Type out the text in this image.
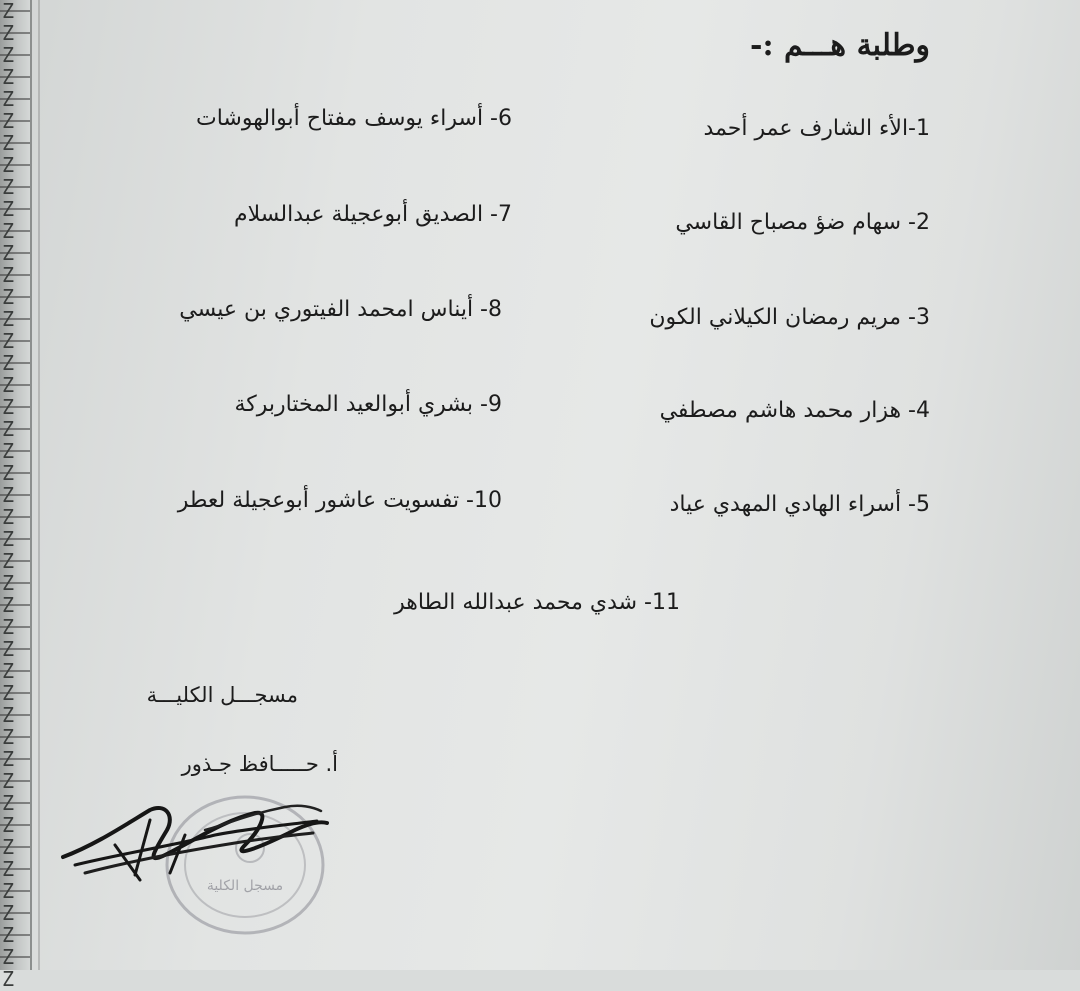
Z
Z
Z
Z
Z
Z
Z
Z
Z
Z
Z
Z
Z
Z
Z
Z
Z
Z
Z
Z
Z
Z
Z
Z
Z
Z
Z
Z
Z
Z
Z
Z
Z
Z
Z
Z
Z
Z
Z
Z
Z
Z
Z
Z
Z
وطلبة هـــم :-
1-الأء الشارف عمر أحمد
2- سهام ضؤ مصباح القاسي
3- مريم رمضان الكيلاني الكون
4- هزار محمد هاشم مصطفي
5- أسراء الهادي المهدي عياد
6- أسراء يوسف مفتاح أبوالهوشات
7- الصديق أبوعجيلة عبدالسلام
8- أيناس امحمد الفيتوري بن عيسي
9- بشري أبوالعيد المختاربركة
10- تفسويت عاشور أبوعجيلة لعطر
11- شدي محمد عبدالله الطاهر
مسجـــل الكليـــة
أ. حـــــافظ جـذور
مسجل الكلية
